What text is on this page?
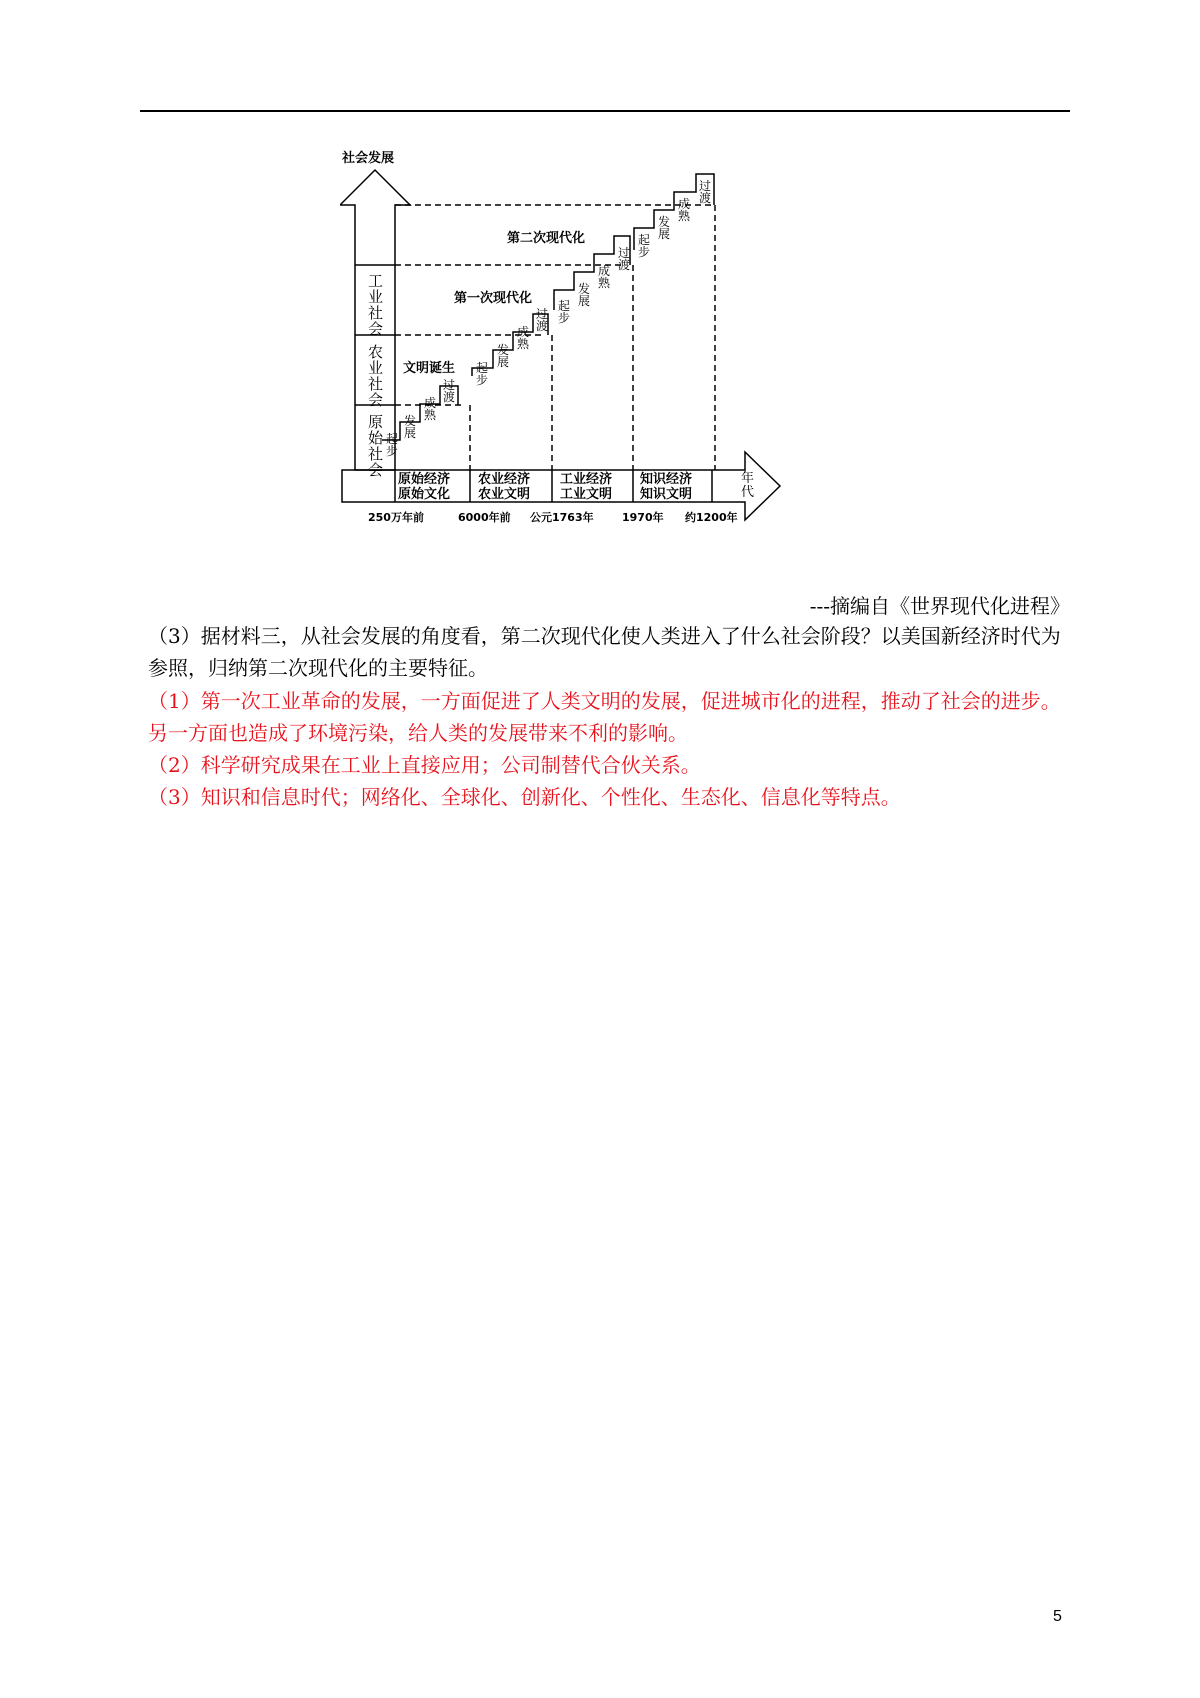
社会发展
工
业
社
会
农
业
社
会
原
始
社
会
第二次现代化
第一次现代化
文明诞生
起
步
发
展
成
熟
过
渡
起
步
发
展
成
熟
过
渡
起
步
发
展
成
熟
过
渡
起
步
发
展
成
熟
过
渡
原始经济
原始文化
农业经济
农业文明
工业经济
工业文明
知识经济
知识文明
年
代
250万年前	6000年前 公元1763年	1970年 约1200年
---摘编自《世界现代化进程》
（3）据材料三，从社会发展的角度看，第二次现代化使人类进入了什么社会阶段？以美国新经济时代为参照，归纳第二次现代化的主要特征。
（1）第一次工业革命的发展，一方面促进了人类文明的发展，促进城市化的进程，推动了社会的进步。另一方面也造成了环境污染，给人类的发展带来不利的影响。
（2）科学研究成果在工业上直接应用；公司制替代合伙关系。
（3）知识和信息时代；网络化、全球化、创新化、个性化、生态化、信息化等特点。
5
